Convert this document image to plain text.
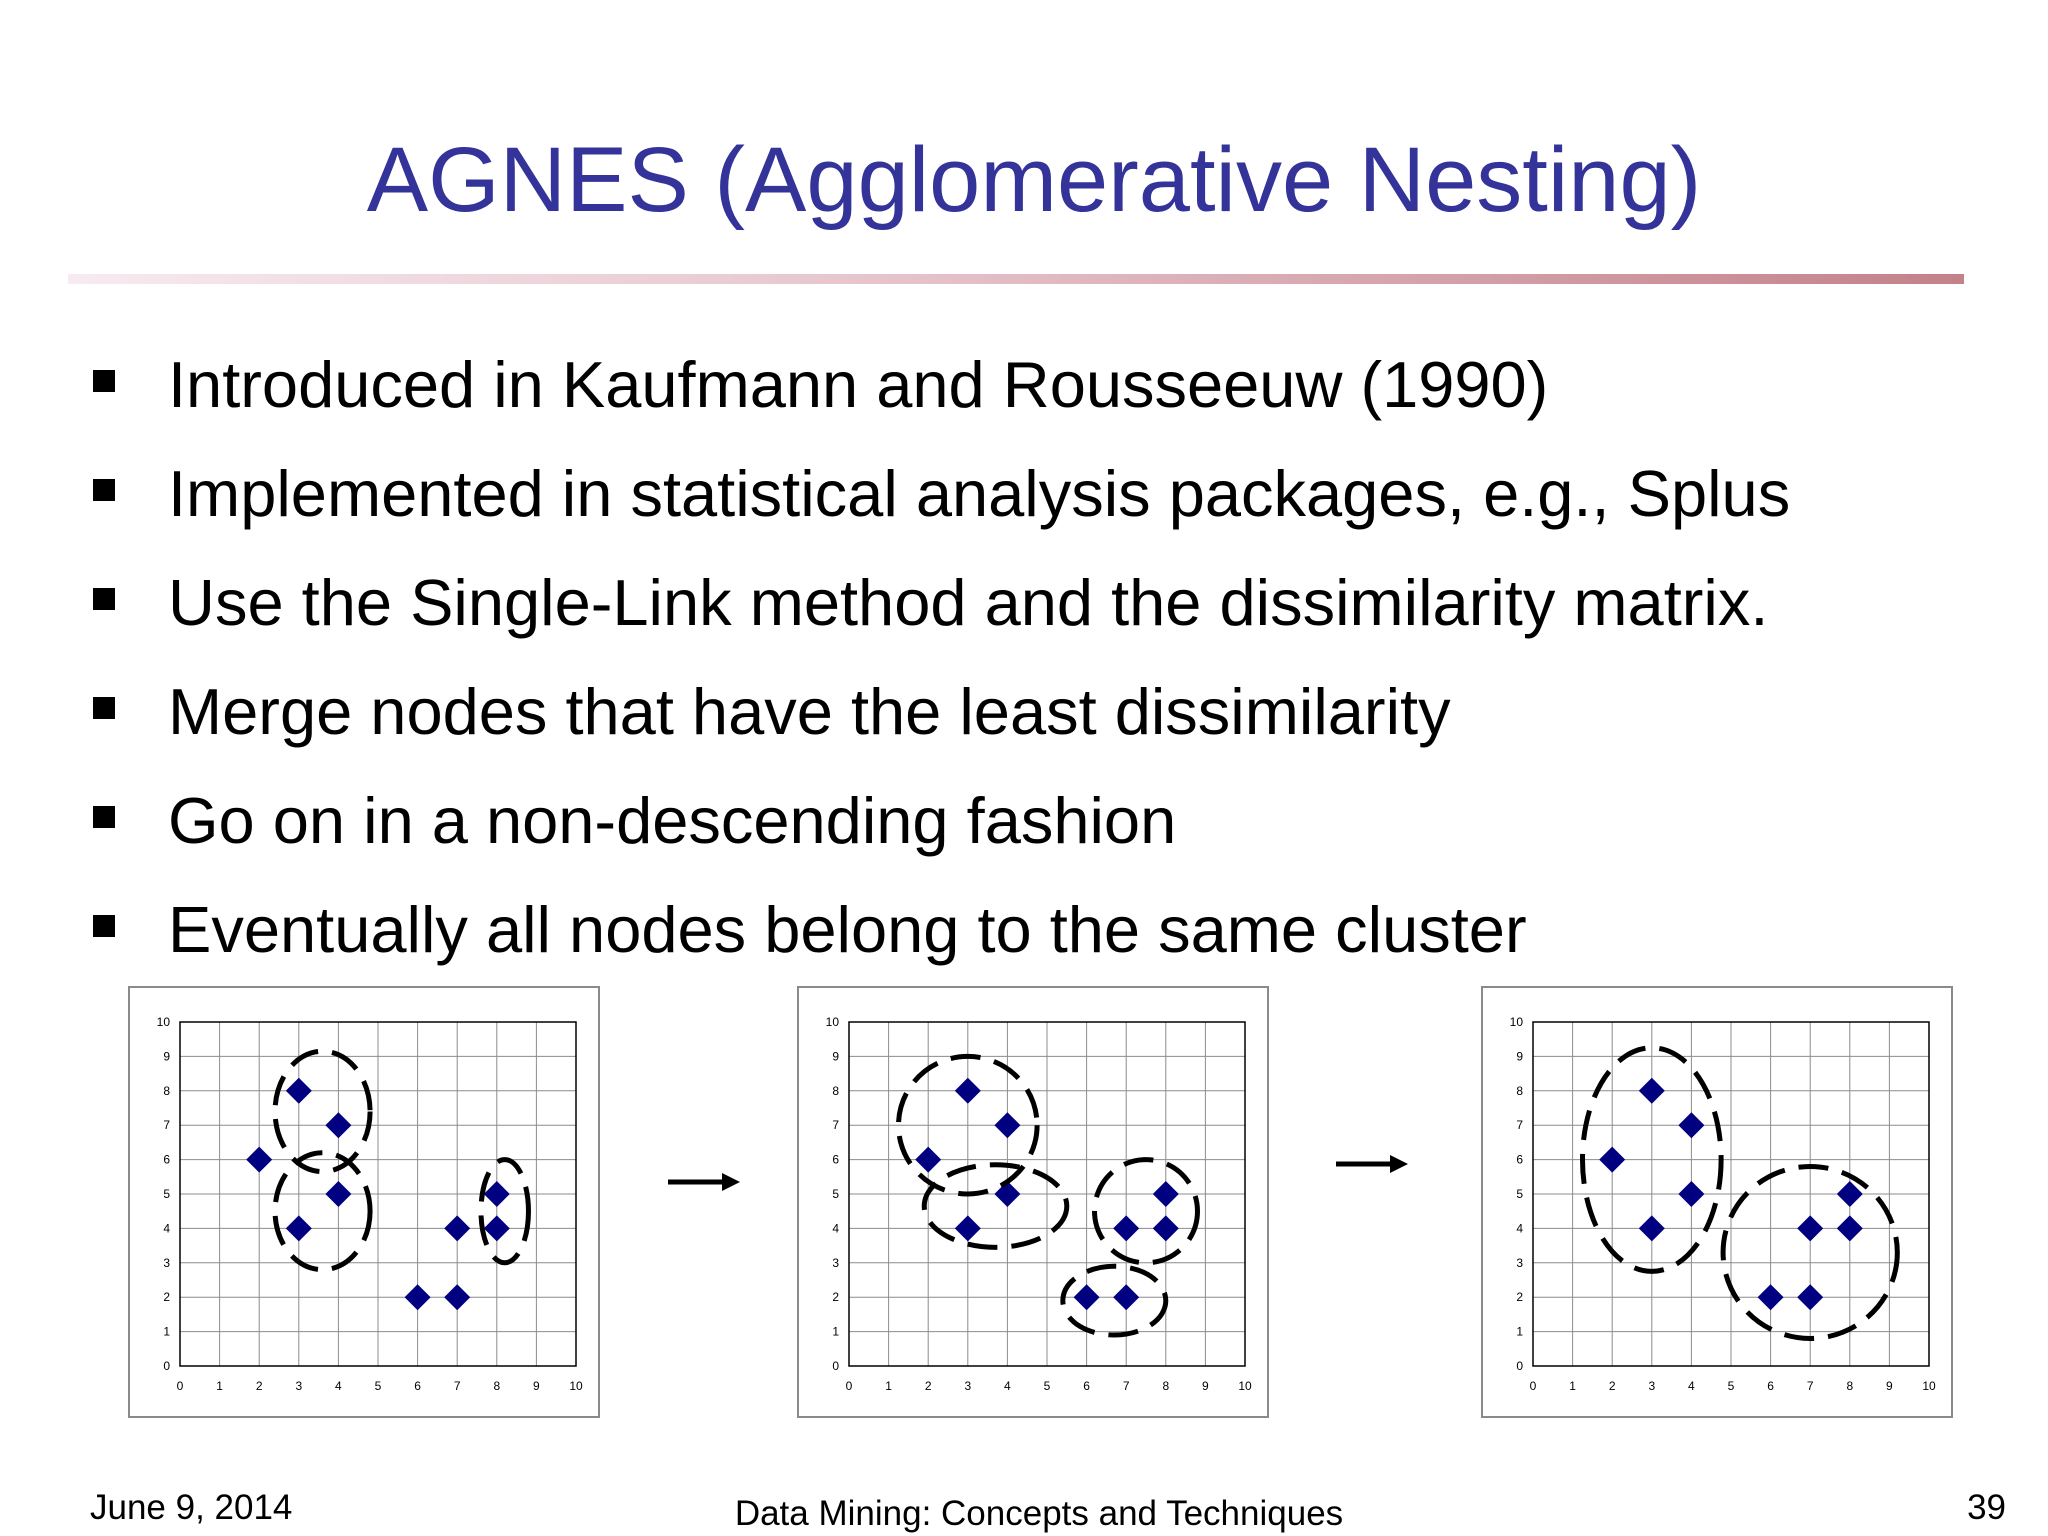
AGNES (Agglomerative Nesting)
Introduced in Kaufmann and Rousseeuw (1990)
Implemented in statistical analysis packages, e.g., Splus
Use the Single-Link method and the dissimilarity matrix.
Merge nodes that have the least dissimilarity
Go on in a non-descending fashion
Eventually all nodes belong to the same cluster
0	1	2	3	4	5	6	7	8	9 10
0
1
2
3
4
5
6
7
8
9
10
0	1	2	3	4	5	6	7	8	9 10
0
1
2
3
4
5
6
7
8
9
10
0	1	2	3	4	5	6	7	8	9 10
0
1
2
3
4
5
6
7
8
9
10
June 9, 2014	Data Mining: Concepts and Techniques	39
